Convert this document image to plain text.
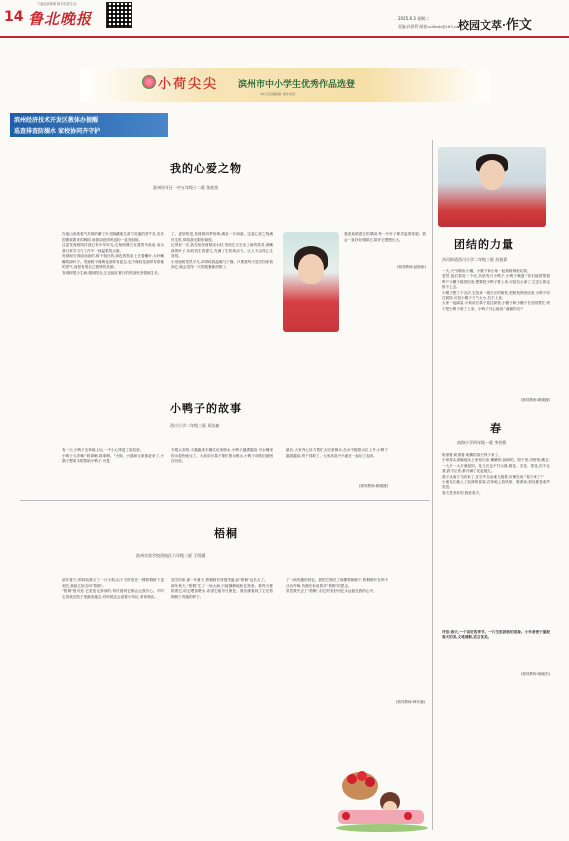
下载品质新闻 畅享品质生活
14 鲁北晚报	2025.6.3 星期二
责编:孙源利 邮箱:sdlbwb@163.com
校园文萃·作文
小荷尖尖 滨州市中小学生优秀作品选登
本栏目投稿邮箱: 联系电话:
滨州经济技术开发区教体办提醒
巡查排查防溺水 家校协同齐守护
我的心爱之物
滨州经开区一中五年级十二班 张欣奕
在地山喜欢春气扑鼻的紫丁叶茎胸藕欢生命力旺盛的香牛花,音乐国蕾欢歌来的枫树,而我如爱妈妈送的一盆发财树。
这盆发财树陪伴我已有半年时光,它始终静立在我的书桌前,成为我日常学习与工作中一抹温柔的点缀。
发财树长得绿油油的,树干粗壮的,绿色的枝条上长着嫩叶,大叶嫩嘟的绿叶子。发财树不像梅花那样有姿态,也不像桂花那样有浓郁的香气,而是有着自己独特的美丽。
发财树很少生病,遇到阳光,它也能在夏日的热浪里坚强地生长。
了。更妙的是,发财树四季皆翠,满室一片绿意。这盆心爱之物满怀生机,带给我无限的愉悦。
记得有一次,我在给发财树浇水时,发现它又长出了新的枝芽,那嫩绿的叶子,如同初生的婴儿,充满了生机和活力。让人不由得心生喜悦。
小发财树虽然平凡,却带给我温暖与宁静。只要我每天放学回家看到它,就会觉得一天的疲惫都消散了。
我喜欢照看它的翠绿,每一片叶子都洋溢着希望。我会一直好好照顾它,陪伴它慢慢长大。
(指导教师:赵娇娇)
小鸭子的故事
西川小学二年级三班 邓浩森
有一天,小鸭子去草地上玩,一不小心摔进了泥坑里。
小鸭子大声喊:"救命啊,救命啊。"小狗、小猫和大象都赶来了,小猫子想用木棍帮助小鸭子,可是
木棍太高短,小猫跑来木桶往坑里倒水,小鸭子越漂越高,可水桶里的水很快就完了。大象用长鼻子帮忙吸水吸水,小鸭子却依旧被困在坑里。
最后,大家齐心协力帮忙大坑里倒水,在水中随着水位上升,小鸭子越游越高,终于得救了。大家高高兴兴地在一起玩了起来。
(指导教师:路媛媛)
梧桐
滨州实验学校西校区六年级三班 王绍涵
那年夏天,妈妈给我买了一只小狗,由于当时是在一棵梧桐树下见到它,就给它取名叫"梧桐"。
"梧桐"很可爱,它宽宽毛茸茸的,每次看到它都会让我开心。平时它喜欢在院子里跑来跑去,有时候还会追着小鸡玩,非常调皮。
放学回家,那一年夏天,梧桐树长得很茂盛,而"梧桐"也长大了。
那年秋天,"梧桐"生了一场大病,只能静静地趴在窝里。我每天都陪着它,给它喂食喂水,希望它能早日康复。我仿佛看到了它在梧桐树下奔跑的样子。
了一段有趣的回忆。我把它埋在了那棵梧桐树下,梧桐树叶在风中沙沙作响,仿佛在诉说着对"梧桐"的思念。
虽然我失去了"梧桐",但它的美好回忆永远留在我的心中。
(指导教师:韩冬晓)
团结的力量
沙河街道西川小学二年级三班 苏依霏
一天,天气晴朗,小狮、小猴子和小象一起到树林里玩耍。
忽然,他们看见一个坑,坑里有只小鸭子,小鸭子喊道:"你们能帮帮我吗?"小狮子跳进坑里,想要把小鸭子推上来,可是坑太深了,它怎么推也推不上去。
小猴子想了个办法,它找来一根长长的树枝,把树枝伸进坑里,小鸭子咬住树枝,可是小猴子力气太小,拉不上来。
大家一起商量,小象用长鼻子卷住树枝,小猴子和小狮子在后面帮忙,终于把小鸭子救了上来。小鸭子开心地说:"谢谢你们!"
(指导教师:路媛媛)
春
南海小学四年级一班 李若熙
盼望着,盼望着,明媚的春天终于来了。
小草探头探脑地从土里钻出来,嫩嫩的,绿绿的。园子里,田野里,瞧去,一大片一大片满是的。花儿们也不甘示弱,桃花、杏花、梨花,你不让我,我不让你,都开满了花赶趟儿。
燕子从南方飞回来了,在空中自由地飞翔着,好像在说:"春天来了!"
小朋友们换上了轻薄的春装,在草地上放风筝、做游戏,到处都是欢声笑语。
春天是美好的,我爱春天。
评语:春天,一个美好的季节。一片生机勃勃的景象。小作者善于捕捉春天的美,文笔清新,语言优美。
(指导教师:杨晓杰)
